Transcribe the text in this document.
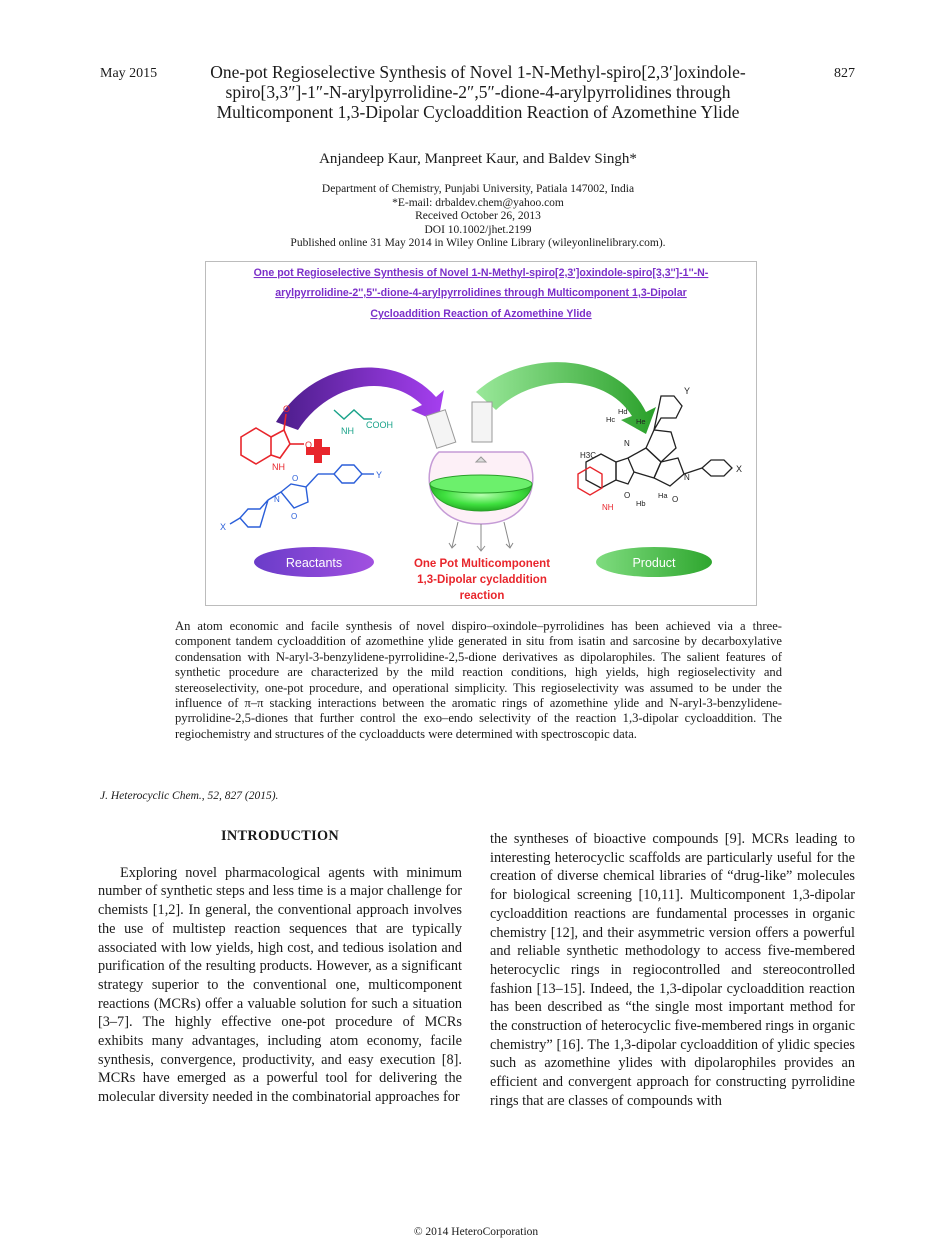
May 2015	827
One-pot Regioselective Synthesis of Novel 1-N-Methyl-spiro[2,3′]oxindole-spiro[3,3″]-1″-N-arylpyrrolidine-2″,5″-dione-4-arylpyrrolidines through Multicomponent 1,3-Dipolar Cycloaddition Reaction of Azomethine Ylide
Anjandeep Kaur, Manpreet Kaur, and Baldev Singh*
Department of Chemistry, Punjabi University, Patiala 147002, India
*E-mail: drbaldev.chem@yahoo.com
Received October 26, 2013
DOI 10.1002/jhet.2199
Published online 31 May 2014 in Wiley Online Library (wileyonlinelibrary.com).
One pot Regioselective Synthesis of Novel 1-N-Methyl-spiro[2,3']oxindole-spiro[3,3'']-1''-N-
arylpyrrolidine-2'',5''-dione-4-arylpyrrolidines through Multicomponent 1,3-Dipolar
Cycloaddition Reaction of Azomethine Ylide
O
O
NH
NH
COOH
Y
X
O
O
N
H3C
N
N
Hc
Hd
He
Ha
Hb	O
O
NH
X
Y
Reactants	Product
One Pot Multicomponent
1,3-Dipolar cycladdition
reaction
An atom economic and facile synthesis of novel dispiro–oxindole–pyrrolidines has been achieved via a three-component tandem cycloaddition of azomethine ylide generated in situ from isatin and sarcosine by decarboxylative condensation with N-aryl-3-benzylidene-pyrrolidine-2,5-dione derivatives as dipolarophiles. The salient features of synthetic procedure are characterized by the mild reaction conditions, high yields, high regioselectivity and stereoselectivity, one-pot procedure, and operational simplicity. This regioselectivity was assumed to be under the influence of π–π stacking interactions between the aromatic rings of azomethine ylide and N-aryl-3-benzylidene-pyrrolidine-2,5-diones that further control the exo–endo selectivity of the reaction 1,3-dipolar cycloaddition. The regiochemistry and structures of the cycloadducts were determined with spectroscopic data.
J. Heterocyclic Chem., 52, 827 (2015).
INTRODUCTION

Exploring novel pharmacological agents with minimum number of synthetic steps and less time is a major challenge for chemists [1,2]. In general, the conventional approach involves the use of multistep reaction sequences that are typically associated with low yields, high cost, and tedious isolation and purification of the resulting products. However, as a significant strategy superior to the conventional one, multicomponent reactions (MCRs) offer a valuable solution for such a situation [3–7]. The highly effective one-pot procedure of MCRs exhibits many advantages, including atom economy, facile synthesis, convergence, productivity, and easy execution [8]. MCRs have emerged as a powerful tool for delivering the molecular diversity needed in the combinatorial approaches for

the syntheses of bioactive compounds [9]. MCRs leading to interesting heterocyclic scaffolds are particularly useful for the creation of diverse chemical libraries of “drug-like” molecules for biological screening [10,11]. Multicomponent 1,3-dipolar cycloaddition reactions are fundamental processes in organic chemistry [12], and their asymmetric version offers a powerful and reliable synthetic methodology to access five-membered heterocyclic rings in regiocontrolled and stereocontrolled fashion [13–15]. Indeed, the 1,3-dipolar cycloaddition reaction has been described as “the single most important method for the construction of heterocyclic five-membered rings in organic chemistry” [16]. The 1,3-dipolar cycloaddition of ylidic species such as azomethine ylides with dipolarophiles provides an efficient and convergent approach for constructing pyrrolidine rings that are classes of compounds with

© 2014 HeteroCorporation
